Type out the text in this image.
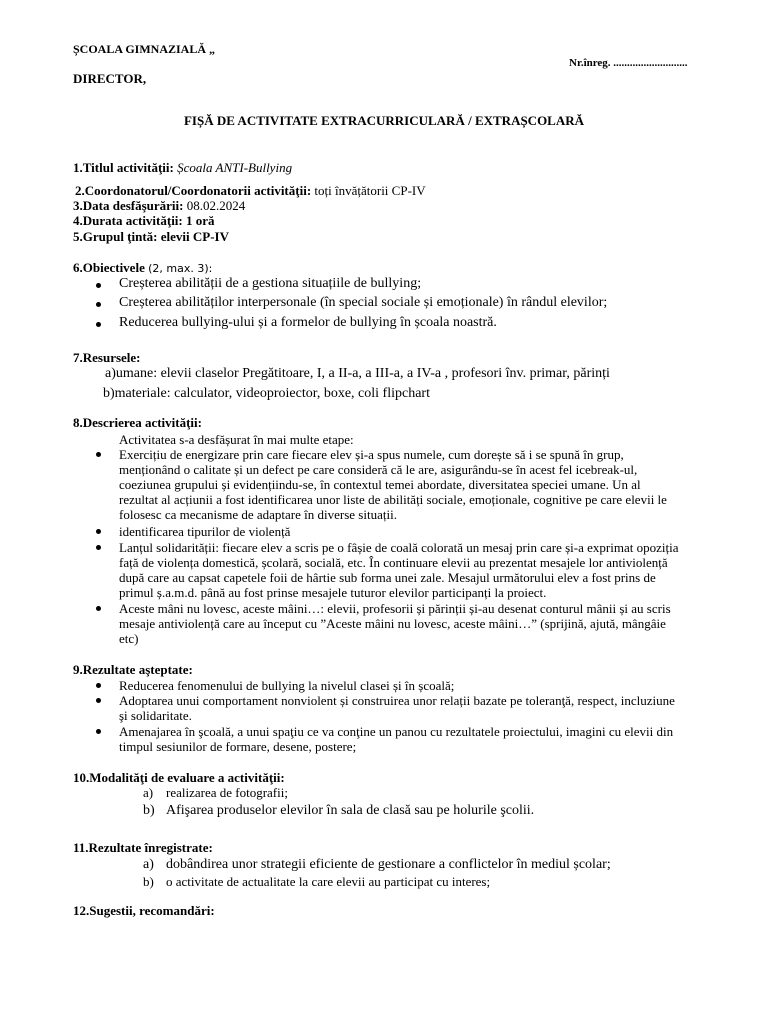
ȘCOALA GIMNAZIALĂ „
Nr.înreg. ...........................
DIRECTOR,
FIȘĂ DE ACTIVITATE EXTRACURRICULARĂ / EXTRAȘCOLARĂ
1.Titlul activităţii: Școala ANTI-Bullying
2.Coordonatorul/Coordonatorii activităţii: toți învățătorii CP-IV
3.Data desfăşurării: 08.02.2024
4.Durata activităţii: 1 oră
5.Grupul ţintă: elevii CP-IV
6.Obiectivele (2, max. 3):
Creșterea abilității de a gestiona situațiile de bullying;
Creșterea abilităților interpersonale (în special sociale și emoționale) în rândul elevilor;
Reducerea bullying-ului și a formelor de bullying în școala noastră.
7.Resursele:
a)umane: elevii claselor Pregătitoare, I, a II-a, a III-a, a IV-a , profesori înv. primar, părinți
b)materiale: calculator, videoproiector, boxe, coli flipchart
8.Descrierea activităţii:
Activitatea s-a desfășurat în mai multe etape:
Exercițiu de energizare prin care fiecare elev și-a spus numele, cum dorește să i se spună în grup,
menționând o calitate și un defect pe care consideră că le are, asigurându-se în acest fel icebreak-ul,
coeziunea grupului și evidențiindu-se, în contextul temei abordate, diversitatea speciei umane. Un al
rezultat al acțiunii a fost identificarea unor liste de abilități sociale, emoționale, cognitive pe care elevii le
folosesc ca mecanisme de adaptare în diverse situații.
identificarea tipurilor de violență
Lanțul solidarității: fiecare elev a scris pe o fâșie de coală colorată un mesaj prin care și-a exprimat opoziția
față de violența domestică, școlară, socială, etc. În continuare elevii au prezentat mesajele lor antiviolență
după care au capsat capetele foii de hârtie sub forma unei zale. Mesajul următorului elev a fost prins de
primul ș.a.m.d. până au fost prinse mesajele tuturor elevilor participanți la proiect.
Aceste mâni nu lovesc, aceste mâini…: elevii, profesorii și părinții și-au desenat conturul mânii și au scris
mesaje antiviolență care au început cu ”Aceste mâini nu lovesc, aceste mâini…” (sprijină, ajută, mângâie
etc)
9.Rezultate aşteptate:
Reducerea fenomenului de bullying la nivelul clasei și în școală;
Adoptarea unui comportament nonviolent și construirea unor relații bazate pe toleranţă, respect, incluziune
şi solidaritate.
Amenajarea în şcoală, a unui spaţiu ce va conţine un panou cu rezultatele proiectului, imagini cu elevii din
timpul sesiunilor de formare, desene, postere;
10.Modalităţi de evaluare a activităţii:
a) realizarea de fotografii;
b) Afişarea produselor elevilor în sala de clasă sau pe holurile şcolii.
11.Rezultate înregistrate:
a) dobândirea unor strategii eficiente de gestionare a conflictelor în mediul școlar;
b) o activitate de actualitate la care elevii au participat cu interes;
12.Sugestii, recomandări:
